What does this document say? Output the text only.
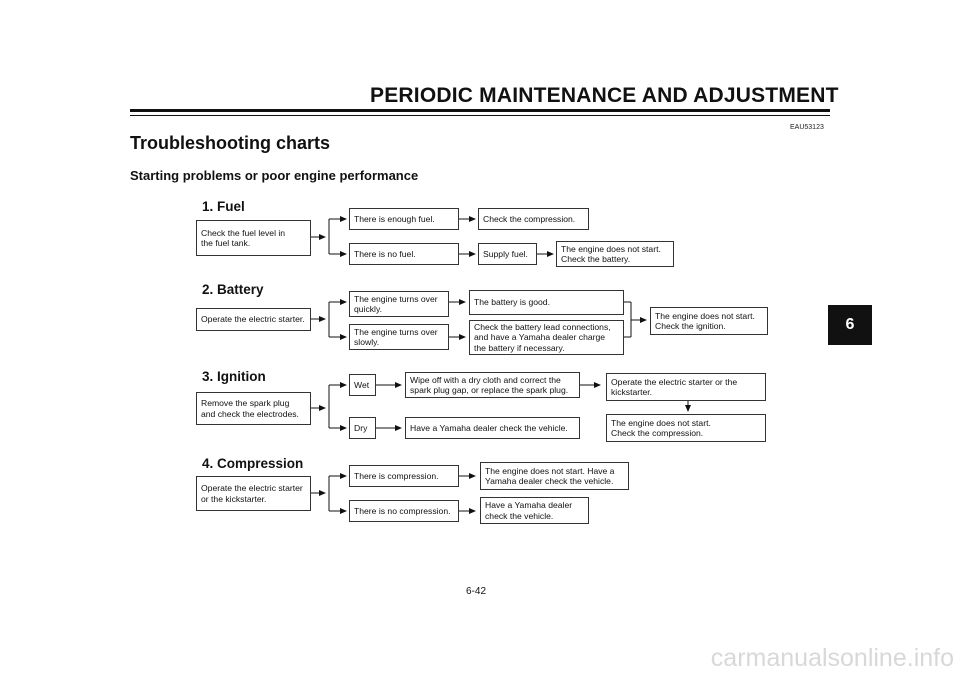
PERIODIC MAINTENANCE AND ADJUSTMENT
EAU53123
Troubleshooting charts
Starting problems or poor engine performance
6
1. Fuel
Check the fuel level in
the fuel tank.
There is enough fuel.	Check the compression.
There is no fuel.	Supply fuel.
The engine does not start.
Check the battery.
2. Battery
Operate the electric starter.
The engine turns over
quickly.
The battery is good.
The engine turns over
slowly.
Check the battery lead connections,
and have a Yamaha dealer charge
the battery if necessary.
The engine does not start.
Check the ignition.
3. Ignition
Remove the spark plug
and check the electrodes.
Wet
Wipe off with a dry cloth and correct the
spark plug gap, or replace the spark plug.
Operate the electric starter or the
kickstarter.
Dry	Have a Yamaha dealer check the vehicle.
The engine does not start.
Check the compression.
4. Compression
Operate the electric starter
or the kickstarter.
There is compression.
The engine does not start. Have a
Yamaha dealer check the vehicle.
There is no compression.
Have a Yamaha dealer
check the vehicle.
6-42
carmanualsonline.info
